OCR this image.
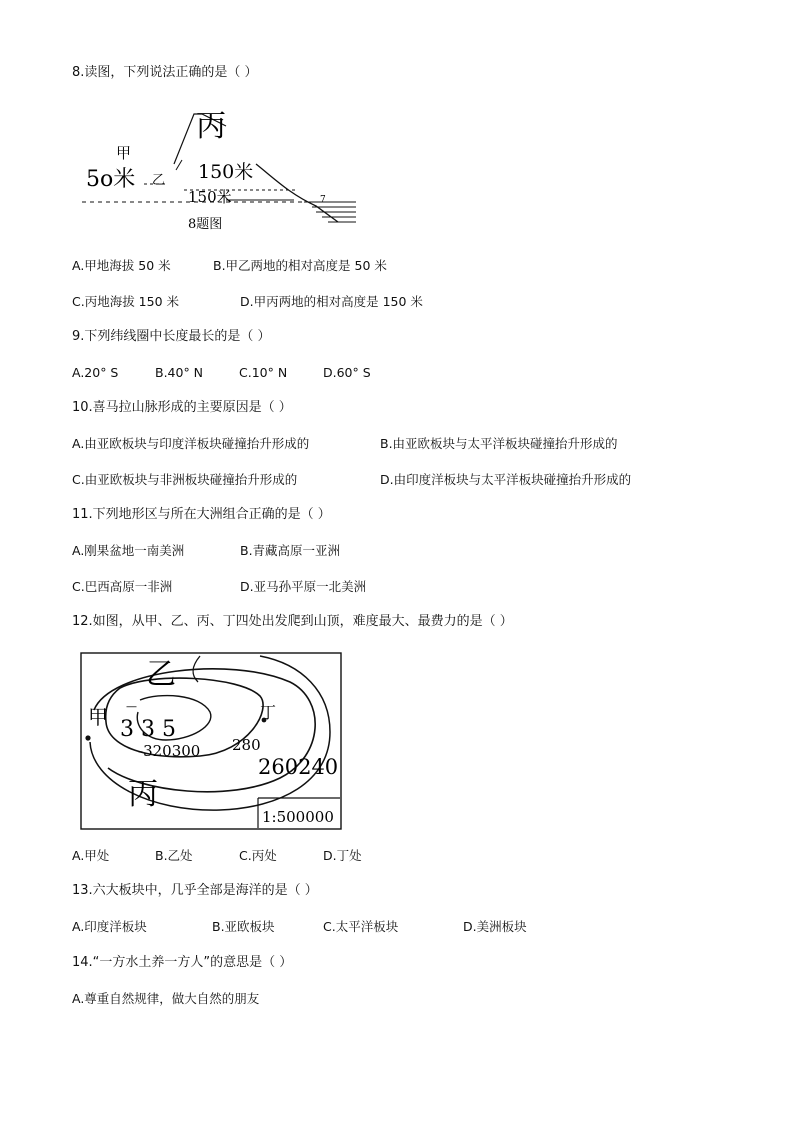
8.读图，下列说法正确的是（ ）
丙
甲
5o米 乙 150米
150米	7
8题图
A.甲地海拔 50 米	B.甲乙两地的相对高度是 50 米
C.丙地海拔 150 米	D.甲丙两地的相对高度是 150 米
9.下列纬线圈中长度最长的是（ ）
A.20° S	B.40° N	C.10° N	D.60° S
10.喜马拉山脉形成的主要原因是（ ）
A.由亚欧板块与印度洋板块碰撞抬升形成的	B.由亚欧板块与太平洋板块碰撞抬升形成的
C.由亚欧板块与非洲板块碰撞抬升形成的	D.由印度洋板块与太平洋板块碰撞抬升形成的
11.下列地形区与所在大洲组合正确的是（ ）
A.刚果盆地一南美洲	B.青藏高原一亚洲
C.巴西高原一非洲	D.亚马孙平原一北美洲
12.如图，从甲、乙、丙、丁四处出发爬到山顶，难度最大、最费力的是（ ）
乙
甲	丁
丙
—
3 3 5
-320300 280
260240
1:500000
A.甲处	B.乙处	C.丙处	D.丁处
13.六大板块中，几乎全部是海洋的是（ ）
A.印度洋板块	B.亚欧板块	C.太平洋板块	D.美洲板块
14.“一方水土养一方人”的意思是（ ）
A.尊重自然规律，做大自然的朋友
